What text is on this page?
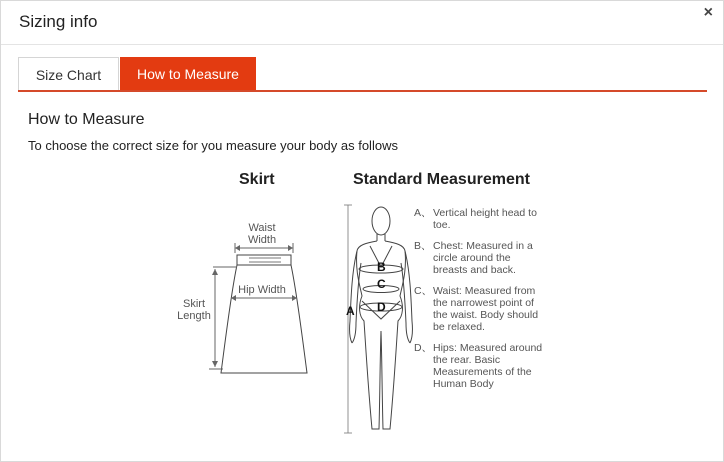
Sizing info	×
Size Chart	How to Measure
How to Measure
To choose the correct size for you measure your body as follows
Skirt	Standard Measurement
Waist
Width
Hip Width
Skirt
Length	A
B
C
D
A、 Vertical height head to toe.
B、 Chest: Measured in a circle around the breasts and back.
C、 Waist: Measured from the narrowest point of the waist. Body should be relaxed.
D、 Hips: Measured around the rear. Basic Measurements of the Human Body
